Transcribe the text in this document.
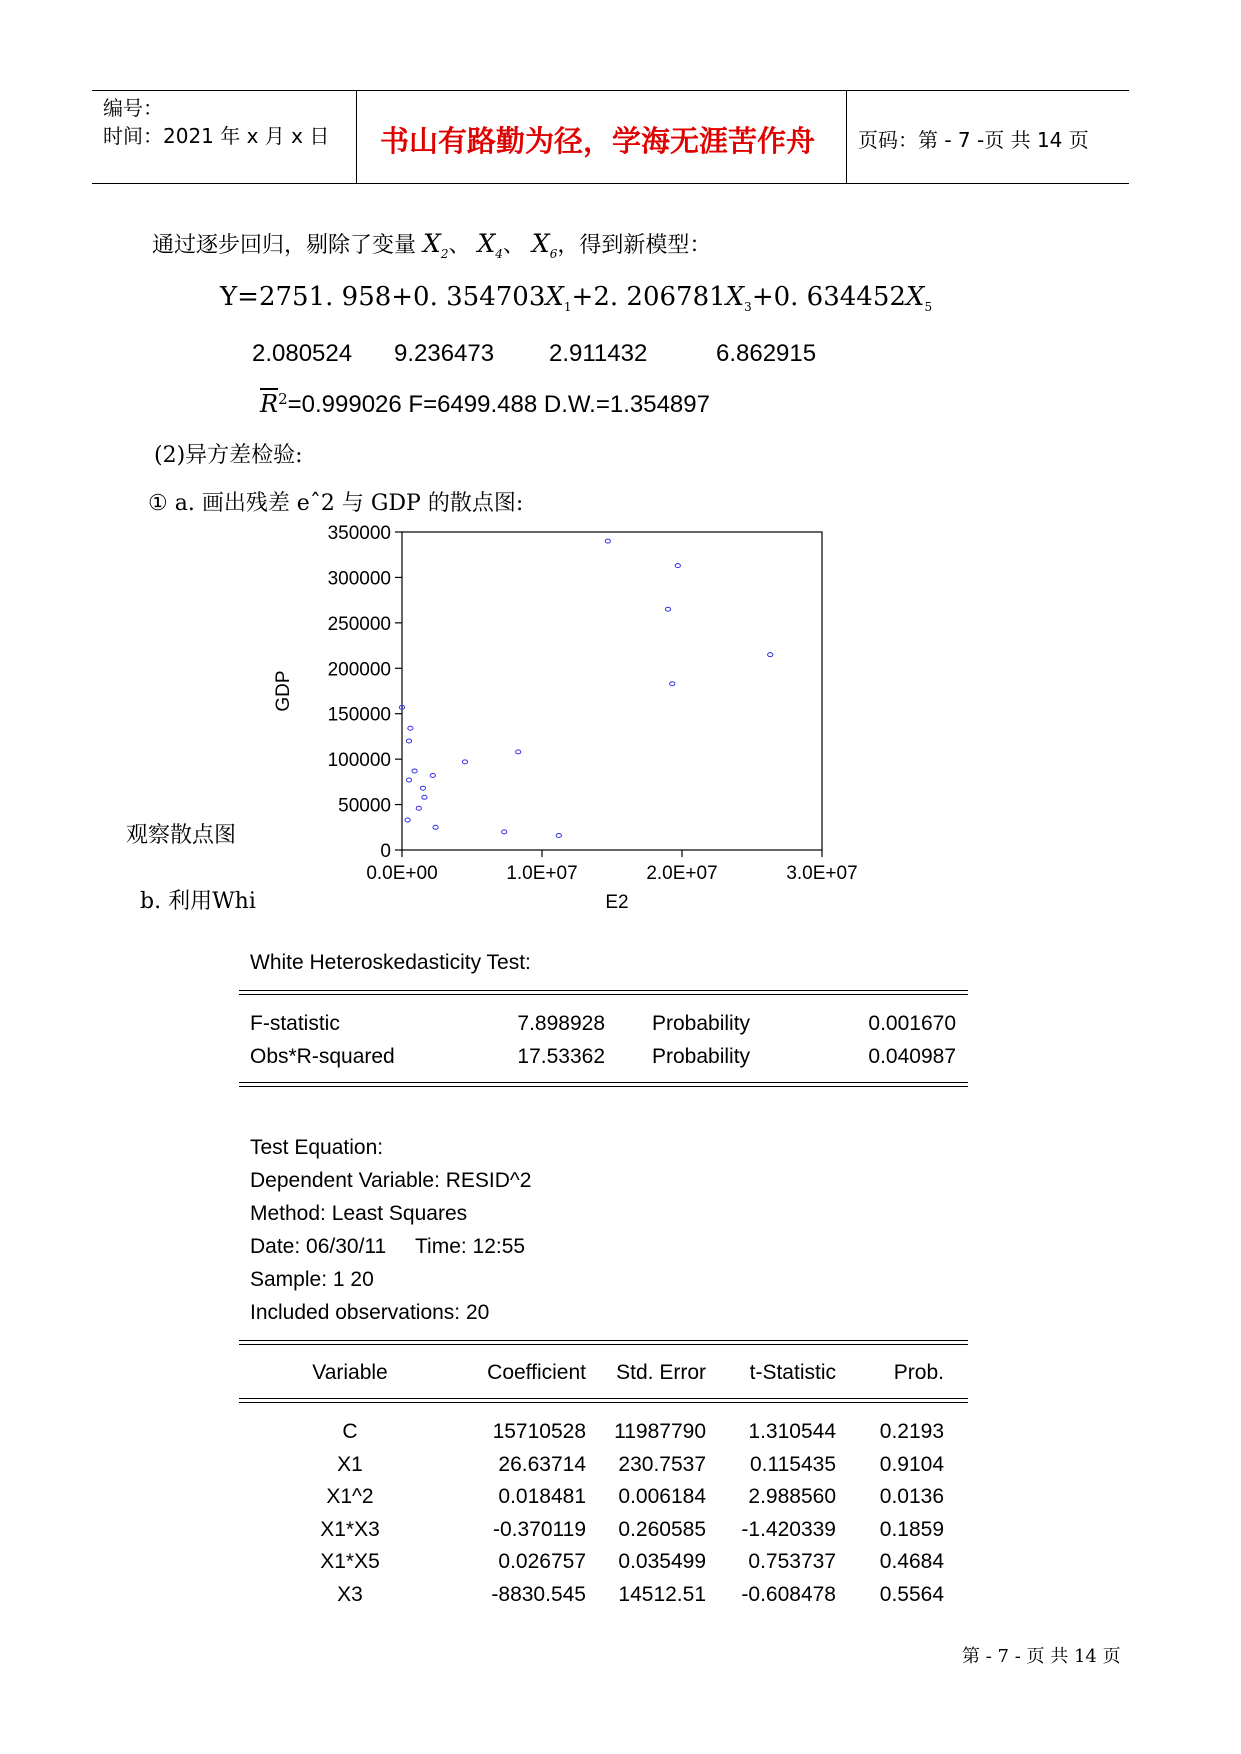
编号：
时间：2021 年 x 月 x 日 书山有路勤为径，学海无涯苦作舟 页码：第 - 7 -页 共 14 页
通过逐步回归，剔除了变量 $X_2$、 $X_4$、 $X_6$，得到新模型：
Y=2751. 958+0. $354703X_1+2$. $206781X_3+0$. $634452X_5$
2.080524 9.236473 2.911432	6.862915
$\overline{R}2=0.999026$ F=6499.488 D.W.=1.354897
(2)异方差检验:
① a. 画出残差 eˆ2 与 GDP 的散点图:
观察散点图
b. 利用Whi
0
50000
100000
150000
200000
250000
300000
350000
0.0E+00	1.0E+07	2.0E+07	3.0E+07
E2
GDP
White Heteroskedasticity Test:
F-statistic	7.898928 Probability	0.001670
Obs*R-squared	17.53362 Probability	0.040987
Test Equation:
Dependent Variable: RESID^2
Method: Least Squares
Date: 06/30/11     Time: 12:55
Sample: 1 20
Included observations: 20
Variable	Coefficient	Std. Error	t-Statistic	Prob.
C	15710528	11987790	1.310544	0.2193
X1	26.63714	230.7537	0.115435	0.9104
X1^2	0.018481	0.006184	2.988560	0.0136
X1*X3	-0.370119	0.260585	-1.420339	0.1859
X1*X5	0.026757	0.035499	0.753737	0.4684
X3	-8830.545	14512.51	-0.608478	0.5564
第 - 7 - 页 共 14 页
